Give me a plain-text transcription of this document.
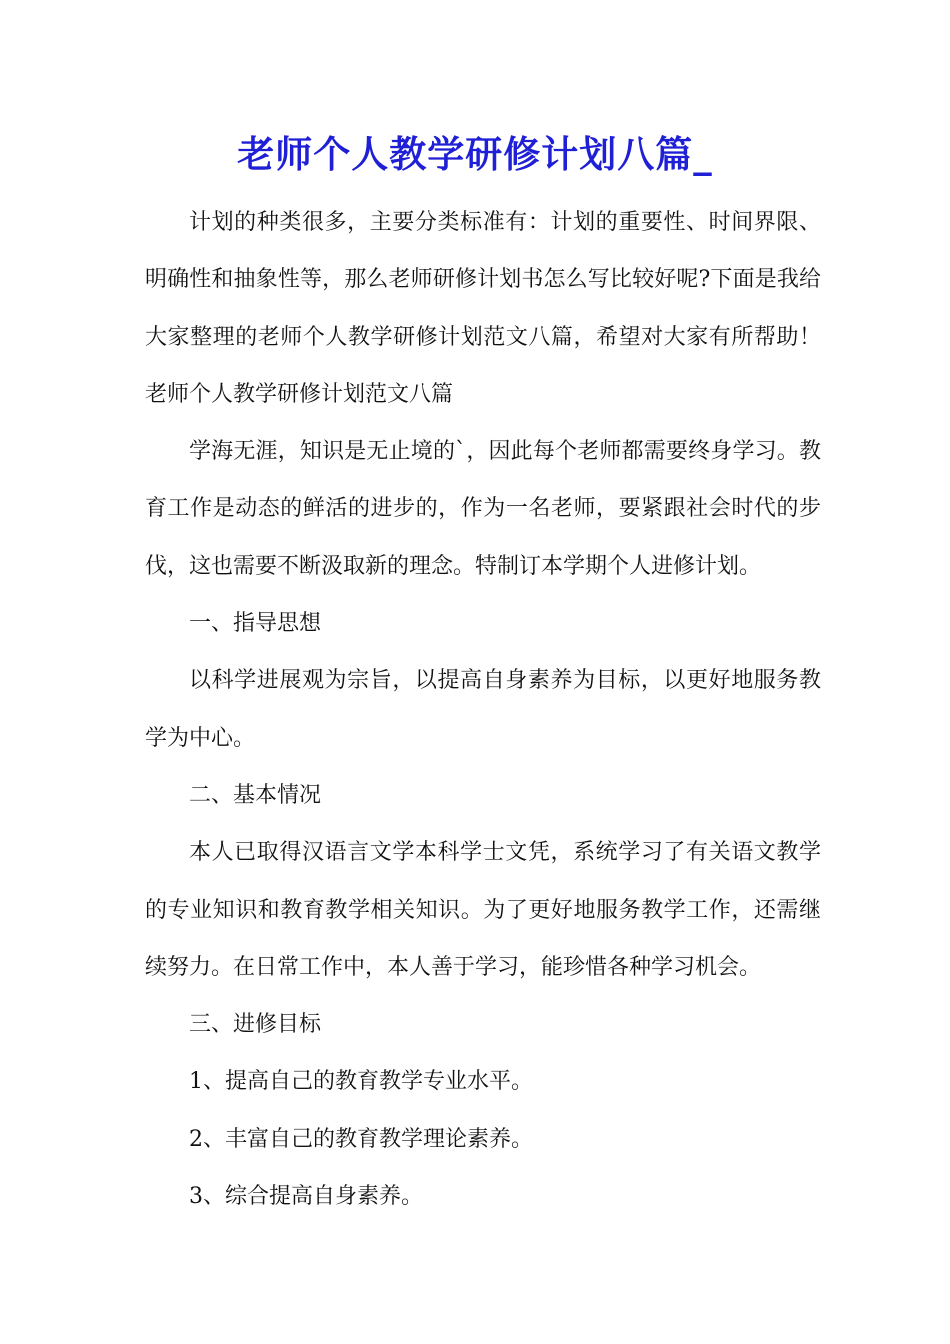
老师个人教学研修计划八篇_

计划的种类很多，主要分类标准有：计划的重要性、时间界限、明确性和抽象性等，那么老师研修计划书怎么写比较好呢?下面是我给大家整理的老师个人教学研修计划范文八篇，希望对大家有所帮助！老师个人教学研修计划范文八篇

学海无涯，知识是无止境的`，因此每个老师都需要终身学习。教育工作是动态的鲜活的进步的，作为一名老师，要紧跟社会时代的步伐，这也需要不断汲取新的理念。特制订本学期个人进修计划。

一、指导思想

以科学进展观为宗旨，以提高自身素养为目标，以更好地服务教学为中心。

二、基本情况

本人已取得汉语言文学本科学士文凭，系统学习了有关语文教学的专业知识和教育教学相关知识。为了更好地服务教学工作，还需继续努力。在日常工作中，本人善于学习，能珍惜各种学习机会。

三、进修目标

1、提高自己的教育教学专业水平。

2、丰富自己的教育教学理论素养。

3、综合提高自身素养。
